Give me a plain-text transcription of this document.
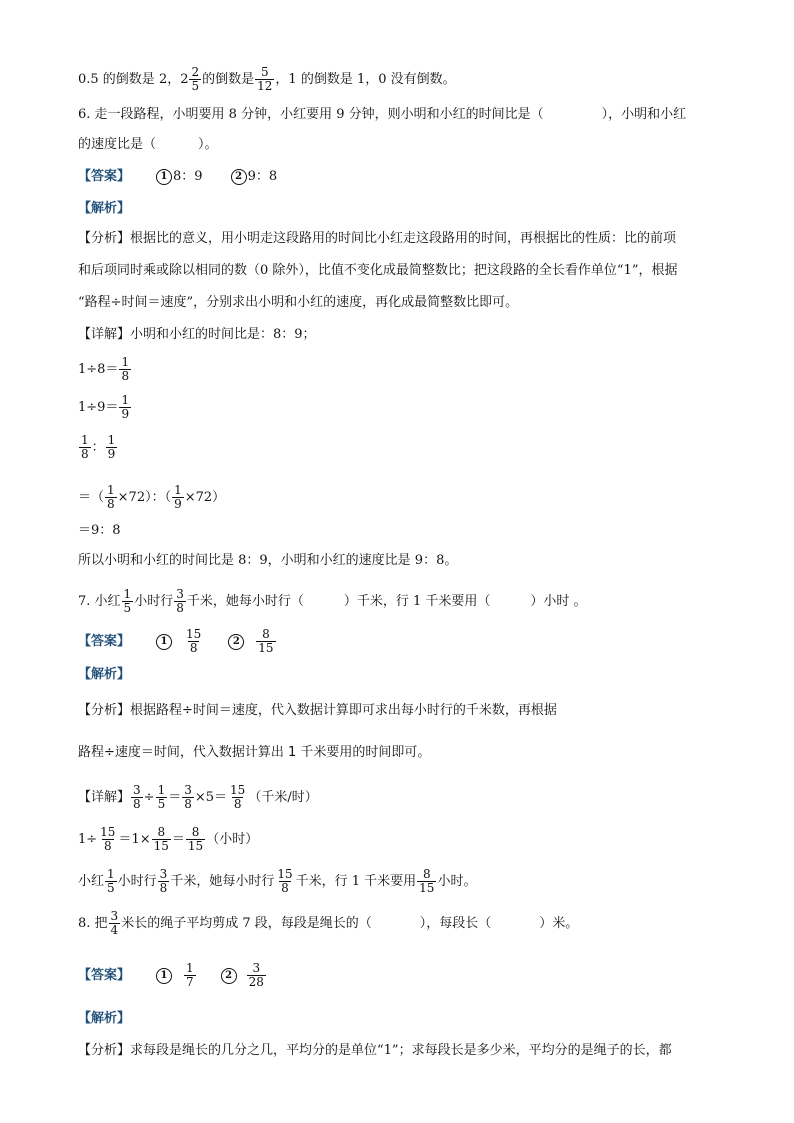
0.5 的倒数是 2，$2 \frac{2}{5}$ 的倒数是 $\frac{5}{12}$ ，1 的倒数是 1，0 没有倒数。
6. 走一段路程，小明要用 8 分钟，小红要用 9 分钟，则小明和小红的时间比是（	），小明和小红
的速度比是（	）。
【答案】	1 8：9	2 9：8
【解析】
【分析】根据比的意义，用小明走这段路用的时间比小红走这段路用的时间，再根据比的性质：比的前项
和后项同时乘或除以相同的数（0 除外），比值不变化成最简整数比；把这段路的全长看作单位“1”，根据
“路程÷时间＝速度”，分别求出小明和小红的速度，再化成最简整数比即可。
【详解】小明和小红的时间比是：8：9；
$1\div 8= \frac{1}{8}$
$1\div 9= \frac{1}{9}$
$\frac{1}{8}$ ： $\frac{1}{9}$
＝（ $\frac{1}{8} \times 72$）：（ $\frac{1}{9} \times 72$）
＝9：8
所以小明和小红的时间比是 8：9，小明和小红的速度比是 9：8。
7. 小红 $\frac{1}{5}$ 小时行 $\frac{3}{8}$ 千米，她每小时行（	）千米，行 1 千米要用（	）小时 。
【答案】	$1 \frac{15}{8}$	$2 \frac{8}{15}$
【解析】
【分析】根据路程÷时间＝速度，代入数据计算即可求出每小时行的千米数，再根据
路程÷速度＝时间，代入数据计算出 1 千米要用的时间即可。
【详解】 $\frac{3}{8} \div \frac{1}{5} = \frac{3}{8} \times 5= \frac{15}{8}$ （千米/时）
$1\div \frac{15}{8} =1\times \frac{8}{15} = \frac{8}{15}$ （小时）
小红 $\frac{1}{5}$ 小时行 $\frac{3}{8}$ 千米，她每小时行 $\frac{15}{8}$ 千米，行 1 千米要用 $\frac{8}{15}$ 小时。
8. 把 $\frac{3}{4}$ 米长的绳子平均剪成 7 段，每段是绳长的（	），每段长（	）米。
【答案】	$1 \frac{1}{7}$	$2 \frac{3}{28}$
【解析】
【分析】求每段是绳长的几分之几，平均分的是单位“1”；求每段长是多少米，平均分的是绳子的长，都
